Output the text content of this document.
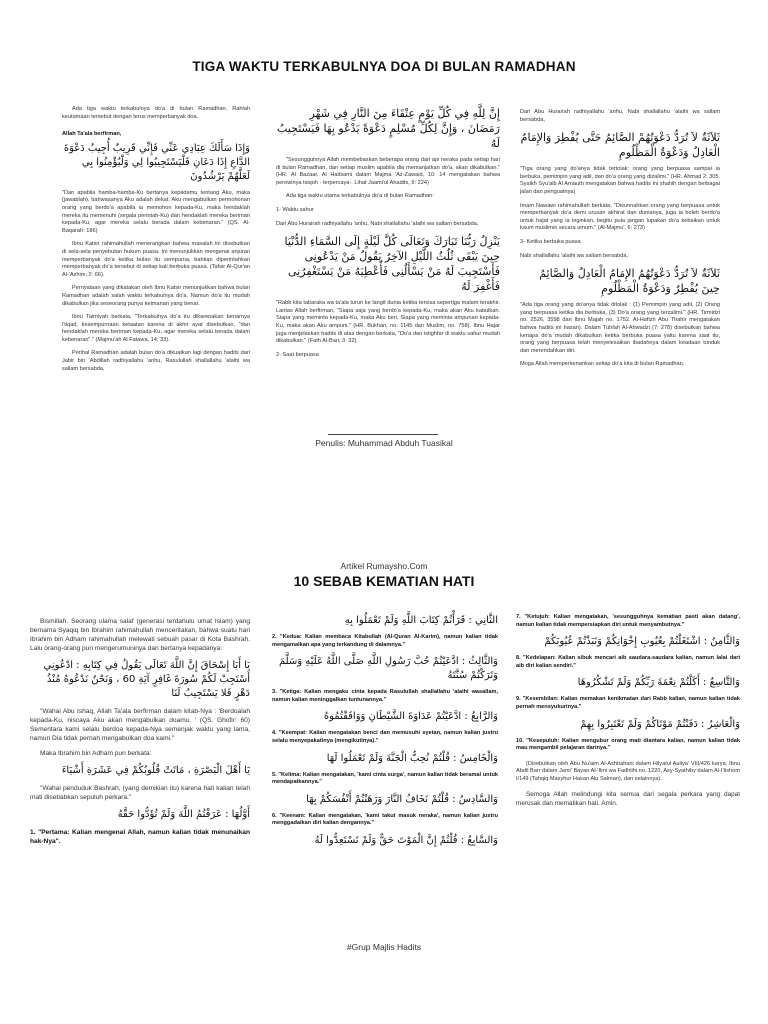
TIGA WAKTU TERKABULNYA DOA DI BULAN RAMADHAN

Ada tiga waktu terkabulnya do'a di bulan Ramadhan. Rahlah keutamaan tersebut dengan terus memperbanyak doa.

Allah Ta'ala berfirman,

وَإِذَا سَأَلَكَ عِبَادِي عَنِّي فَإِنِّي قَرِيبٌ أُجِيبُ دَعْوَةَ الدَّاعِ إِذَا دَعَانِ فَلْيَسْتَجِيبُوا لِي وَلْيُؤْمِنُوا بِي لَعَلَّهُمْ يَرْشُدُونَ

"Dan apabila hamba-hamba-Ku bertanya kepadamu tentang Aku, maka (jawablah), bahwasanya Aku adalah dekat. Aku mengabulkan permohonan orang yang berdo'a apabila ia memohon kepada-Ku, maka hendaklah mereka itu memenuhi (segala perintah-Ku) dan hendaklah mereka beriman kepada-Ku, agar mereka selalu berada dalam kebenaran." (QS. Al-Baqarah: 186)

Ibnu Katsir rahimahullah menerangkan bahwa masalah ini disebutkan di sela-sela penyebutan hukum puasa. Ini menunjukkan mengenai anjuran memperbanyak do'a ketika bulan itu sempurna, bahkan diperintahkan memperbanyak do'a tersebut di setiap kali berbuka puasa. (Tafsir Al-Qur'an Al-'Azhim, 2: 66).

Pernyataan yang dikatakan oleh Ibnu Katsir menunjukkan bahwa bulan Ramadhan adalah salah waktu terkabulnya do'a. Namun do'a itu mudah dikabulkan jika seseorang punya keimanan yang benar.

Ibnu Taimiyah berkata, "Terkabulnya do'a itu dikarenakan benarnya i'tiqad, kesempurnaan ketaatan karena di akhir ayat disebutkan, "dan hendaklah mereka beriman kepada-Ku, agar mereka selalu berada dalam kebenaran"." (Majmu'ah Al Fatawa, 14: 33).

Perihal Ramadhan adalah bulan do'a dikuatkan lagi dengan hadits dari Jabir bin 'Abdillah radhiyallahu 'anhu, Rasulullah shallallahu 'alaihi wa sallam bersabda,

إِنَّ لِلَّهِ فِي كُلِّ يَوْمٍ عِتْقَاءَ مِنَ النَّارِ فِي شَهْرِ رَمَضَانَ ، وَإِنَّ لِكُلِّ مُسْلِمٍ دَعْوَةً يَدْعُو بِهَا فَيَسْتَجِيبُ لَهُ

"Sesungguhnya Allah membebaskan beberapa orang dari api neraka pada setiap hari di bulan Ramadhan, dan setiap muslim apabila dia memanjatkan do'a, akan dikabulkan." (HR. Al Bazaar. Al Haitsami dalam Majma 'Az-Zawaid, 10: 14 mengatakan bahwa perowinya tsiqoh - terpercaya-. Lihat Jaami'ul Ahadits, 9: 224)

Ada tiga waktu utama terkabulnya do'a di bulan Ramadhan:

1- Waktu sahur

Dari Abu Hurairah radhiyallahu 'anhu, Nabi shallallahu 'alaihi wa sallam bersabda,

يَنْزِلُ رَبُّنَا تَبَارَكَ وَتَعَالَى كُلَّ لَيْلَةٍ إِلَى السَّمَاءِ الدُّنْيَا حِينَ يَبْقَى ثُلُثُ اللَّيْلِ الآخِرُ يَقُولُ مَنْ يَدْعُونِى فَأَسْتَجِيبَ لَهُ مَنْ يَسْأَلُنِى فَأُعْطِيَهُ مَنْ يَسْتَغْفِرُنِى فَأَغْفِرَ لَهُ

"Rabb kita tabaraka wa ta'ala turun ke langit dunia ketika tersisa sepertiga malam terakhir. Lantas Allah berfirman, "Siapa saja yang berdo'a kepada-Ku, maka akan Aku kabulkan. Siapa yang meminta kepada-Ku, maka Aku beri. Siapa yang meminta ampunan kepada-Ku, maka akan Aku ampuni." (HR. Bukhari, no. 1145 dan Muslim, no. 758). Ibnu Hajar juga menjelaskan hadits di atas dengan berkata, "Do'a dan istighfar di waktu sahur mudah dikabulkan." (Fath Al-Bari, 3: 32).

2- Saat berpuasa

Dari Abu Hurairah radhiyallahu 'anhu, Nabi shallallahu 'alaihi wa sallam bersabda,

ثَلاَثَةٌ لاَ تُرَدُّ دَعْوَتُهُمْ الصَّائِمُ حَتَّى يُفْطِرَ وَالإِمَامُ الْعَادِلُ وَدَعْوَةُ الْمَظْلُومِ

"Tiga orang yang do'anya tidak tertolak: orang yang berpuasa sampai ia berbuka, pemimpin yang adil, dan do'a orang yang dizalimi." (HR. Ahmad 2: 305. Syaikh Syu'aib Al Arnauth mengatakan bahwa hadits ini shahih dengan berbagai jalan dan penguatnya)

Imam Nawawi rahimahullah berkata, "Disunnahkan orang yang berpuasa untuk memperbanyak do'a demi urusan akhirat dan dunianya, juga ia boleh berdo'a untuk hajat yang ia inginkan, begitu pula jangan lupakan do'a kebaikan untuk kaum muslimin secara umum." (Al-Majmu', 6: 273)

3- Ketika berbuka puasa

Nabi shallallahu 'alaihi wa sallam bersabda,

ثَلاَثَةٌ لاَ تُرَدُّ دَعْوَتُهُمُ الإِمَامُ الْعَادِلُ وَالصَّائِمُ حِينَ يُفْطِرُ وَدَعْوَةُ الْمَظْلُومِ

"Ada tiga orang yang do'anya tidak ditolak : (1) Pemimpin yang adil, (2) Orang yang berpuasa ketika dia berbuka, (3) Do'a orang yang terzalimi." (HR. Tirmidzi no. 2526, 3598 dan Ibnu Majah no. 1752. Al-Hafizh Abu Thahir mengatakan bahwa hadits ini hasan). Dalam Tuhfah Al-Ahwadzi (7: 278) disebutkan bahwa kenapa do'a mudah dikabulkan ketika berbuka puasa yaitu karena saat itu, orang yang berpuasa telah menyelesaikan ibadahnya dalam keadaan tunduk dan merendahkan diri.

Moga Allah memperkenankan setiap do'a kita di bulan Ramadhan.

Penulis: Muhammad Abduh Tuasikal
Artikel Rumaysho.Com
10 SEBAB KEMATIAN HATI

Bismillah. Seorang ulama salaf (generasi terdahulu umat Islam) yang bernama Syaqiq bin Ibrahim rahimahullah menceritakan, bahwa suatu hari Ibrahim bin Adham rahimahullah melewati sebuah pasar di Kota Bashrah. Lalu orang-orang pun mengerumuninya dan bertanya kepadanya:

يَا أَبَا إِسْحَاقَ إِنَّ اللَّهَ تَعَالَى يَقُولُ فِي كِتَابِهِ : ادْعُونِي أَسْتَجِبْ لَكُمْ سُورَةَ غَافِرٍ آيَةِ 60 ، وَنَحْنُ نَدْعُوهُ مُنْذُ دَهْرٍ فَلا يَسْتَجِيبُ لَنَا

"Wahai Abu Ishaq, Allah Ta'ala berfirman dalam kitab-Nya : 'Berdoalah kepada-Ku, niscaya Aku akan mengabulkan doamu. ' (QS. Ghofir: 60) Sementara kami selalu berdoa kepada-Nya semenjak waktu yang lama, namun Dia tidak pernah mengabulkan doa kami."

Maka Ibrahim bin Adham pun berkata:

يَا أَهْلَ الْبَصْرَةِ ، مَاتَتْ قُلُوبُكُمْ فِي عَشَرَةِ أَشْيَاءَ

"Wahai penduduk Bashrah, (yang demikian itu) karena hati kalian telah mati disebabkan sepuluh perkara."

أَوَّلُهَا : عَرَفْتُمُ اللَّهَ وَلَمْ تُؤَدُّوا حَقَّهُ

1. "Pertama: Kalian mengenal Allah, namun kalian tidak menunaikan hak-Nya".

الثَّانِي : قَرَأْتُمْ كِتَابَ اللَّهِ وَلَمْ تَعْمَلُوا بِهِ

2. "Kedua: Kalian membaca Kitabullah (Al-Quran Al-Karim), namun kalian tidak mengamalkan apa yang terkandung di dalamnya."

وَالثَّالِثُ : ادَّعَيْتُمْ حُبَّ رَسُولِ اللَّهِ صَلَّى اللَّهُ عَلَيْهِ وَسَلَّمَ وَتَرَكْتُمْ سُنَّتَهُ

3. "Ketiga: Kalian mengaku cinta kepada Rasulullah shallallahu 'alaihi wasallam, namun kalian meninggalkan tuntunannya."

وَالرَّابِعُ : ادَّعَيْتُمْ عَدَاوَةَ الشَّيْطَانِ وَوَافَقْتُمُوهُ

4. "Keempat: Kalian mengatakan benci dan memusuhi syetan, namun kalian justru selalu menyepakatinya (mengikutinya)."

وَالْخَامِسُ : قُلْتُمْ نُحِبُّ الْجَنَّةَ وَلَمْ تَعْمَلُوا لَهَا

5. "Kelima: Kalian mengatakan, 'kami cinta surga', namun kalian tidak beramal untuk mendapatkannya."

وَالسَّادِسُ : قُلْتُمْ نَخَافُ النَّارَ وَرَهَنْتُمْ أَنْفُسَكُمْ بِهَا

6. "Keenam: Kalian mengatakan, 'kami takut masuk neraka', namun kalian justru menggadaikan diri kalian dengannya."

وَالسَّابِعُ : قُلْتُمْ إِنَّ الْمَوْتَ حَقٌّ وَلَمْ تَسْتَعِدُّوا لَهُ

7. "Ketujuh: Kalian mengatakan, 'sesungguhnya kematian pasti akan datang', namun kalian tidak mempersiapkan diri untuk menyambutnya."

وَالثَّامِنُ : اشْتَغَلْتُمْ بِعُيُوبِ إِخْوَانِكُمْ وَنَبَذْتُمْ عُيُوبَكُمْ

8. "Kedelapan: Kalian sibuk mencari aib saudara-saudara kalian, namun lalai dari aib diri kalian sendiri."

وَالتَّاسِعُ : أَكَلْتُمْ نِعْمَةَ رَبِّكُمْ وَلَمْ تَشْكُرُوهَا

9. "Kesembilan: Kalian memakan kenikmatan dari Rabb kalian, namun kalian tidak pernah mensyukurinya."

وَالْعَاشِرُ : دَفَنْتُمْ مَوْتَاكُمْ وَلَمْ تَعْتَبِرُوا بِهِمْ

10. "Kesepuluh: Kalian mengubur orang mati diantara kalian, namun kalian tidak mau mengambil pelajaran darinya."

(Disebutkan oleh Abu Nu'aim Al-Ashbahani dalam Hilyatul Auliya' VIII/426 karya, Ibnu Abdil Barr dalam Jami' Bayan Al-'Ilmi wa Fadhlihi no. 1220, Asy-Syathiby dalam Al-I'tishom I/149 (Tahqiq Masyhur Hasan Alu Salman), dan selainnya).

Semoga Allah melindungi kita semua dari segala perkara yang dapat merusak dan mematikan hati. Amin.

#Grup Majlis Hadits
